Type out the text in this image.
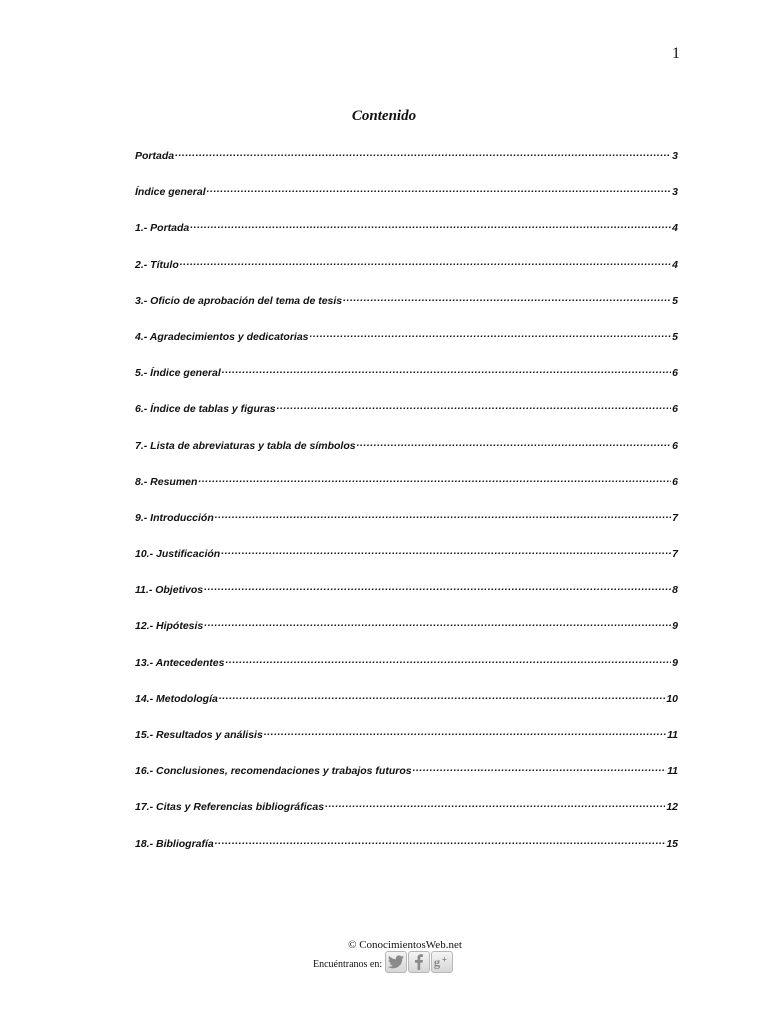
1
Contenido
Portada .....	3
Índice general .....	3
1.- Portada .....	4
2.- Título .....	4
3.- Oficio de aprobación del tema de tesis .....	5
4.- Agradecimientos y dedicatorias .....	5
5.- Índice general .....	6
6.- Índice de tablas y figuras .....	6
7.- Lista de abreviaturas y tabla de símbolos .....	6
8.- Resumen .....	6
9.- Introducción .....	7
10.- Justificación .....	7
11.- Objetivos .....	8
12.- Hipótesis .....	9
13.- Antecedentes .....	9
14.- Metodología .....	10
15.- Resultados y análisis .....	11
16.- Conclusiones, recomendaciones y trabajos futuros .....	11
17.- Citas y Referencias bibliográficas .....	12
18.- Bibliografía .....	15
© ConocimientosWeb.net
Encuéntranos en:	g +
